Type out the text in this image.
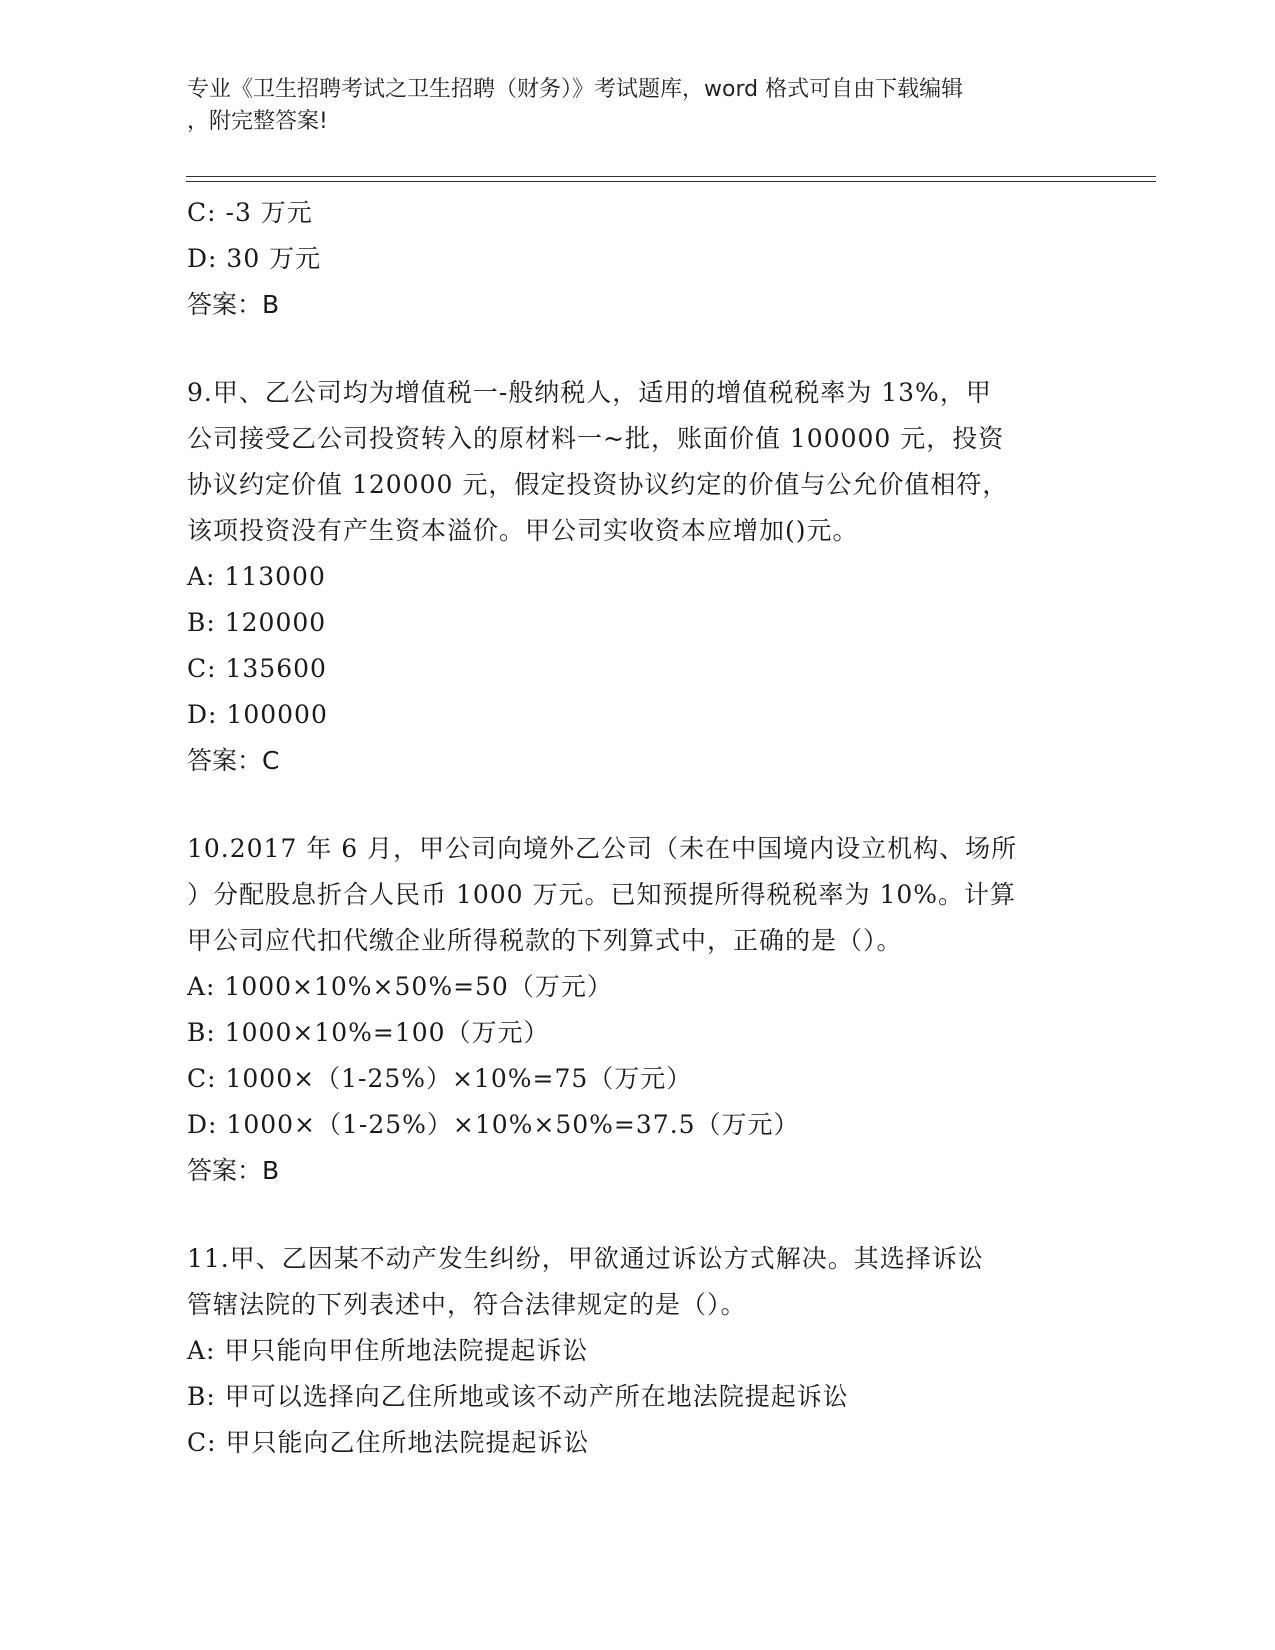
专业《卫生招聘考试之卫生招聘（财务）》考试题库，word 格式可自由下载编辑
，附完整答案!
C: -3 万元
D: 30 万元
答案：B
9.甲、乙公司均为增值税一-般纳税人，适用的增值税税率为 13%，甲
公司接受乙公司投资转入的原材料一~批，账面价值 100000 元，投资
协议约定价值 120000 元，假定投资协议约定的价值与公允价值相符，
该项投资没有产生资本溢价。甲公司实收资本应增加()元。
A: 113000
B: 120000
C: 135600
D: 100000
答案：C
10.2017 年 6 月，甲公司向境外乙公司（未在中国境内设立机构、场所
）分配股息折合人民币 1000 万元。已知预提所得税税率为 10%。计算
甲公司应代扣代缴企业所得税款的下列算式中，正确的是（）。
A: 1000×10%×50%=50（万元）
B: 1000×10%=100（万元）
C: 1000×（1-25%）×10%=75（万元）
D: 1000×（1-25%）×10%×50%=37.5（万元）
答案：B
11.甲、乙因某不动产发生纠纷，甲欲通过诉讼方式解决。其选择诉讼
管辖法院的下列表述中，符合法律规定的是（）。
A: 甲只能向甲住所地法院提起诉讼
B: 甲可以选择向乙住所地或该不动产所在地法院提起诉讼
C: 甲只能向乙住所地法院提起诉讼
